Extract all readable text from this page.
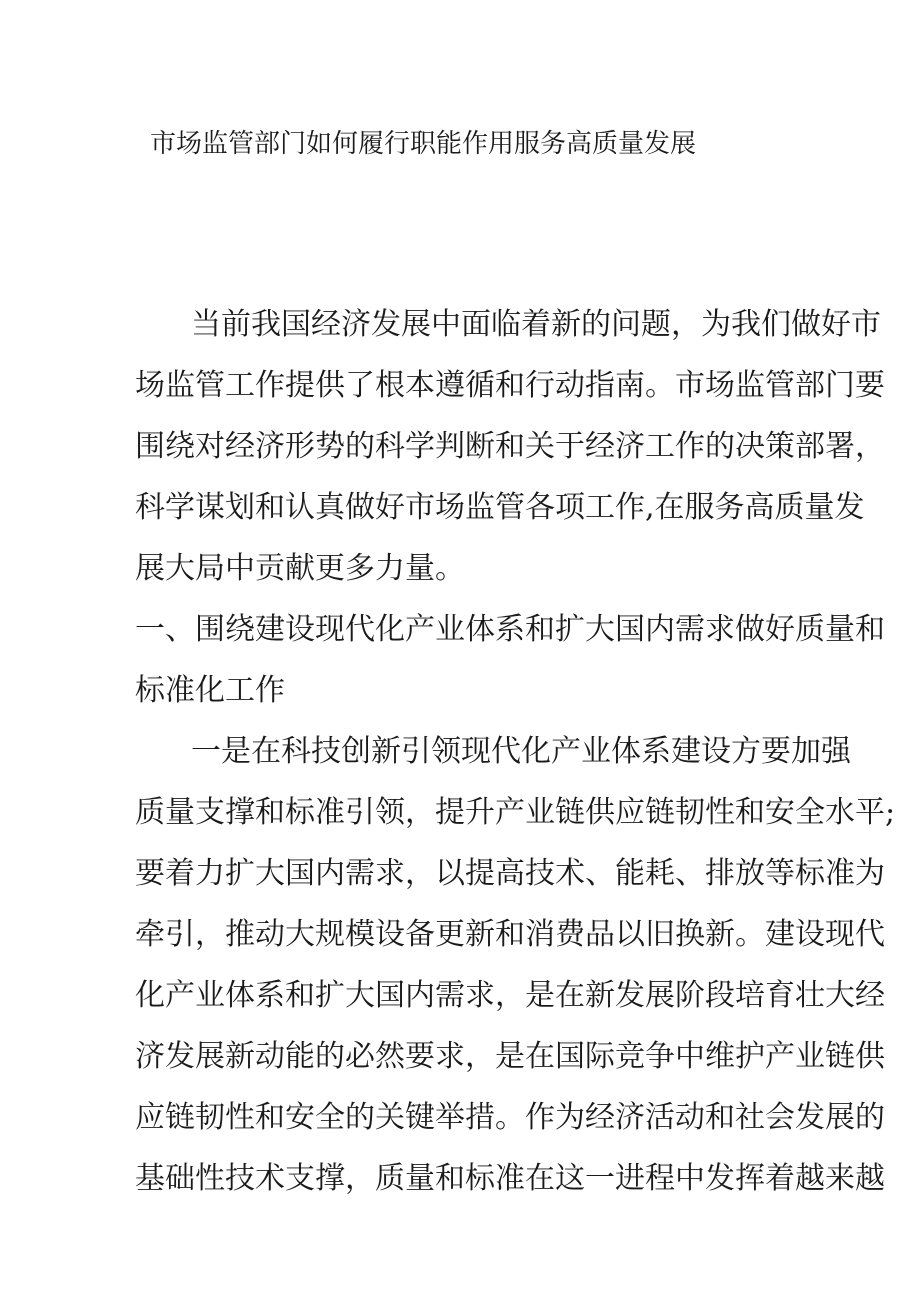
市场监管部门如何履行职能作用服务高质量发展
当前我国经济发展中面临着新的问题，为我们做好市
场监管工作提供了根本遵循和行动指南。市场监管部门要
围绕对经济形势的科学判断和关于经济工作的决策部署，
科学谋划和认真做好市场监管各项工作,在服务高质量发
展大局中贡献更多力量。
一、围绕建设现代化产业体系和扩大国内需求做好质量和
标准化工作
一是在科技创新引领现代化产业体系建设方要加强
质量支撑和标准引领，提升产业链供应链韧性和安全水平;
要着力扩大国内需求，以提高技术、能耗、排放等标准为
牵引，推动大规模设备更新和消费品以旧换新。建设现代
化产业体系和扩大国内需求，是在新发展阶段培育壮大经
济发展新动能的必然要求，是在国际竞争中维护产业链供
应链韧性和安全的关键举措。作为经济活动和社会发展的
基础性技术支撑，质量和标准在这一进程中发挥着越来越
